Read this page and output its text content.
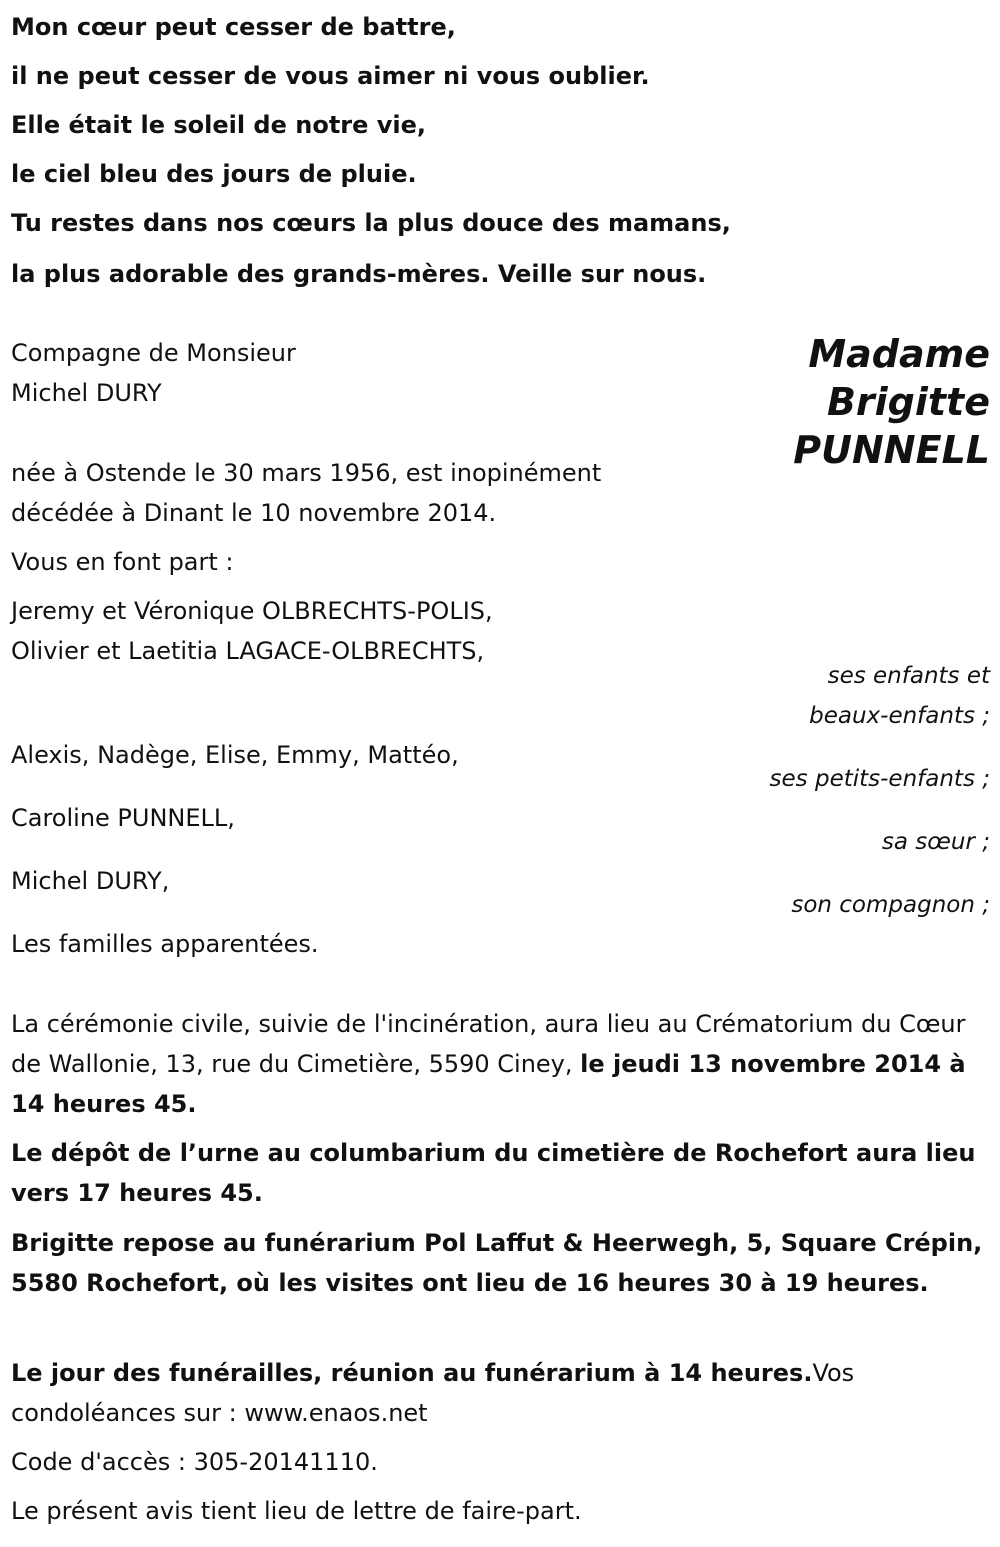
Mon cœur peut cesser de battre,

il ne peut cesser de vous aimer ni vous oublier.

Elle était le soleil de notre vie,

le ciel bleu des jours de pluie.

Tu restes dans nos cœurs la plus douce des mamans,

la plus adorable des grands-mères. Veille sur nous.

Madame

Brigitte

PUNNELL

Compagne de Monsieur

Michel DURY

née à Ostende le 30 mars 1956, est inopinément

décédée à Dinant le 10 novembre 2014.

Vous en font part :

Jeremy et Véronique OLBRECHTS-POLIS,

Olivier et Laetitia LAGACE-OLBRECHTS,

ses enfants et

beaux-enfants ;

Alexis, Nadège, Elise, Emmy, Mattéo,

ses petits-enfants ;

Caroline PUNNELL,

sa sœur ;

Michel DURY,

son compagnon ;

Les familles apparentées.

La cérémonie civile, suivie de l'incinération, aura lieu au Crématorium du Cœur de Wallonie, 13, rue du Cimetière, 5590 Ciney, le jeudi 13 novembre 2014 à 14 heures 45.

Le dépôt de l’urne au columbarium du cimetière de Rochefort aura lieu vers 17 heures 45.

Brigitte repose au funérarium Pol Laffut & Heerwegh, 5, Square Crépin, 5580 Rochefort, où les visites ont lieu de 16 heures 30 à 19 heures.

Le jour des funérailles, réunion au funérarium à 14 heures.Vos condoléances sur : www.enaos.net

Code d'accès : 305-20141110.

Le présent avis tient lieu de lettre de faire-part.
